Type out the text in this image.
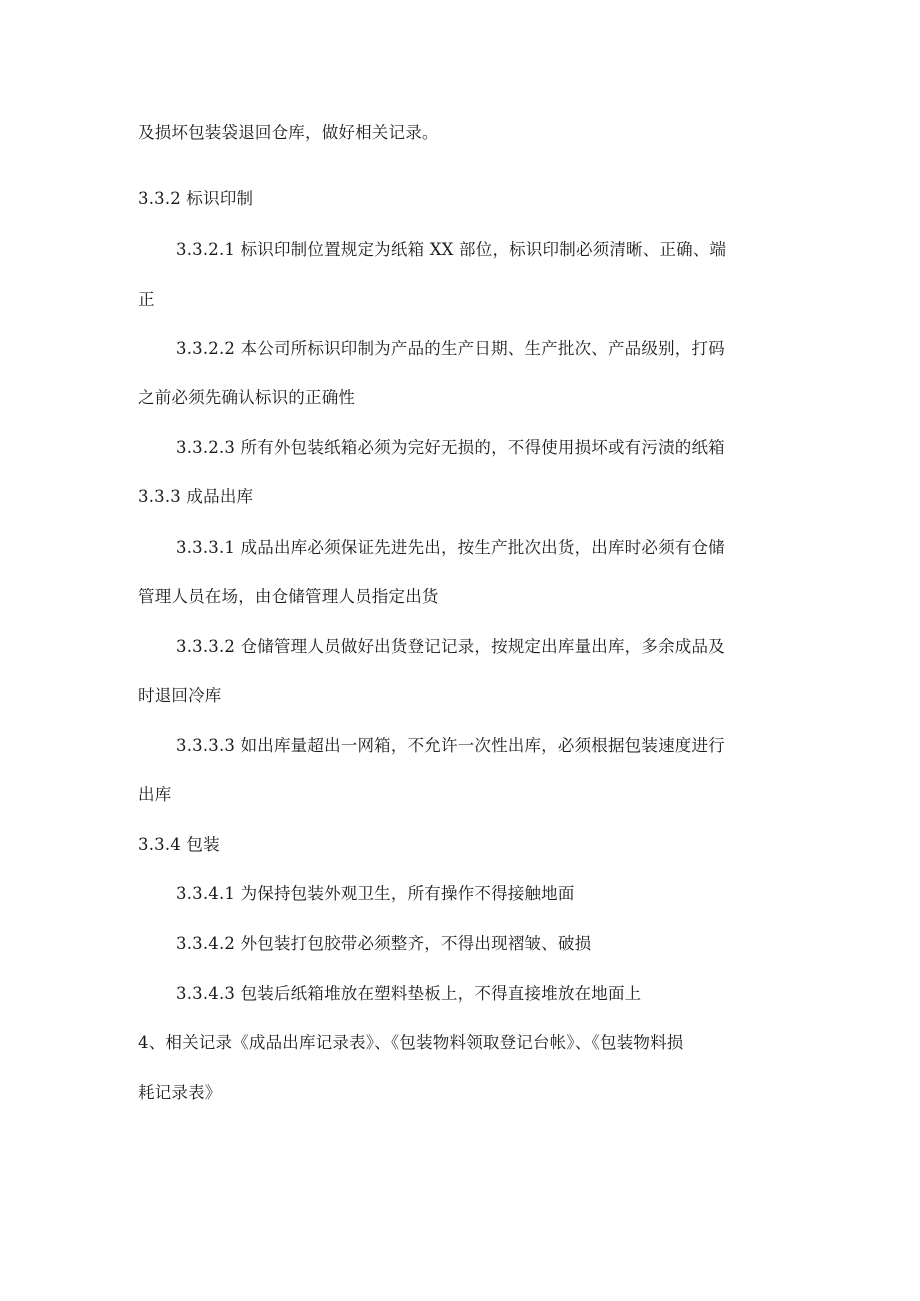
及损坏包装袋退回仓库，做好相关记录。
3.3.2 标识印制
3.3.2.1 标识印制位置规定为纸箱 XX 部位，标识印制必须清晰、正确、端
正
3.3.2.2 本公司所标识印制为产品的生产日期、生产批次、产品级别，打码
之前必须先确认标识的正确性
3.3.2.3 所有外包装纸箱必须为完好无损的，不得使用损坏或有污渍的纸箱
3.3.3 成品出库
3.3.3.1 成品出库必须保证先进先出，按生产批次出货，出库时必须有仓储
管理人员在场，由仓储管理人员指定出货
3.3.3.2 仓储管理人员做好出货登记记录，按规定出库量出库，多余成品及
时退回冷库
3.3.3.3 如出库量超出一网箱，不允许一次性出库，必须根据包装速度进行
出库
3.3.4 包装
3.3.4.1 为保持包装外观卫生，所有操作不得接触地面
3.3.4.2 外包装打包胶带必须整齐，不得出现褶皱、破损
3.3.4.3 包装后纸箱堆放在塑料垫板上，不得直接堆放在地面上
4、相关记录《成品出库记录表》、《包装物料领取登记台帐》、《包装物料损
耗记录表》
